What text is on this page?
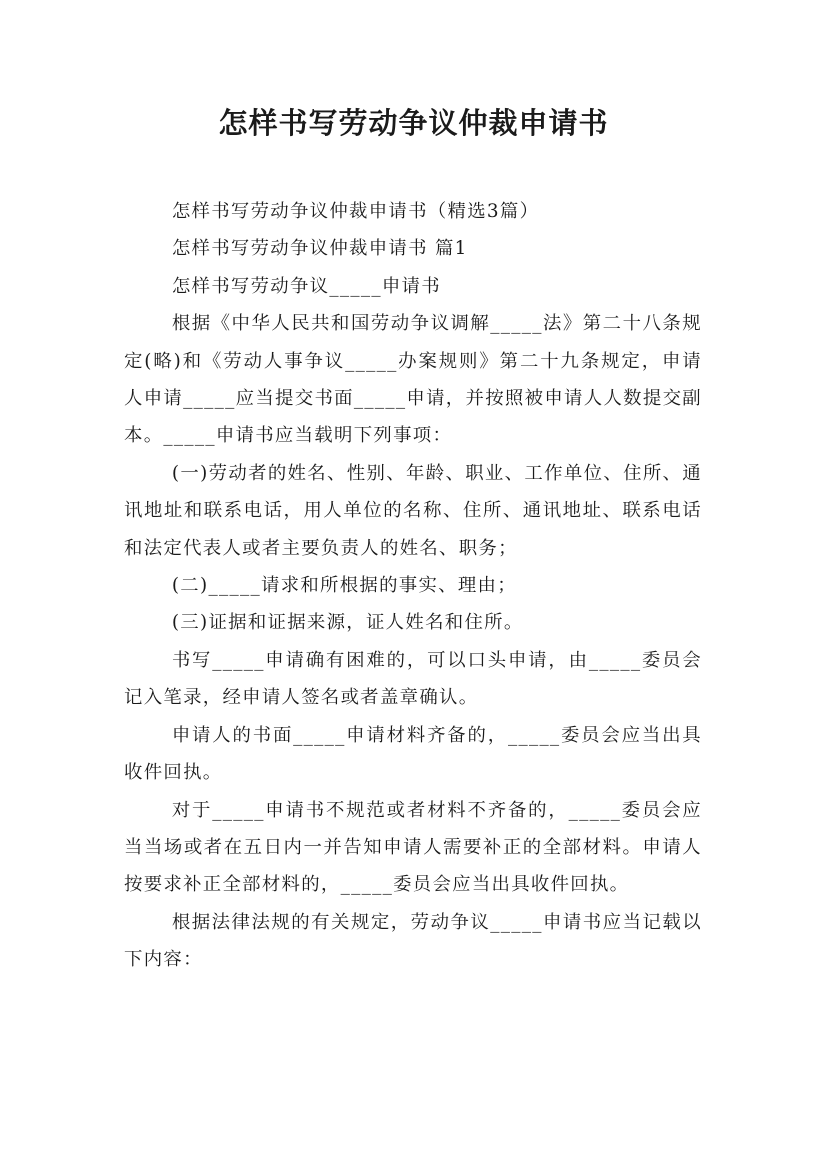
怎样书写劳动争议仲裁申请书

怎样书写劳动争议仲裁申请书（精选3篇）

怎样书写劳动争议仲裁申请书 篇1

怎样书写劳动争议_____申请书

根据《中华人民共和国劳动争议调解_____法》第二十八条规定(略)和《劳动人事争议_____办案规则》第二十九条规定，申请人申请_____应当提交书面_____申请，并按照被申请人人数提交副本。_____申请书应当载明下列事项：

(一)劳动者的姓名、性别、年龄、职业、工作单位、住所、通讯地址和联系电话，用人单位的名称、住所、通讯地址、联系电话和法定代表人或者主要负责人的姓名、职务；

(二)_____请求和所根据的事实、理由；

(三)证据和证据来源，证人姓名和住所。

书写_____申请确有困难的，可以口头申请，由_____委员会记入笔录，经申请人签名或者盖章确认。

申请人的书面_____申请材料齐备的，_____委员会应当出具收件回执。

对于_____申请书不规范或者材料不齐备的，_____委员会应当当场或者在五日内一并告知申请人需要补正的全部材料。申请人按要求补正全部材料的，_____委员会应当出具收件回执。

根据法律法规的有关规定，劳动争议_____申请书应当记载以下内容：
